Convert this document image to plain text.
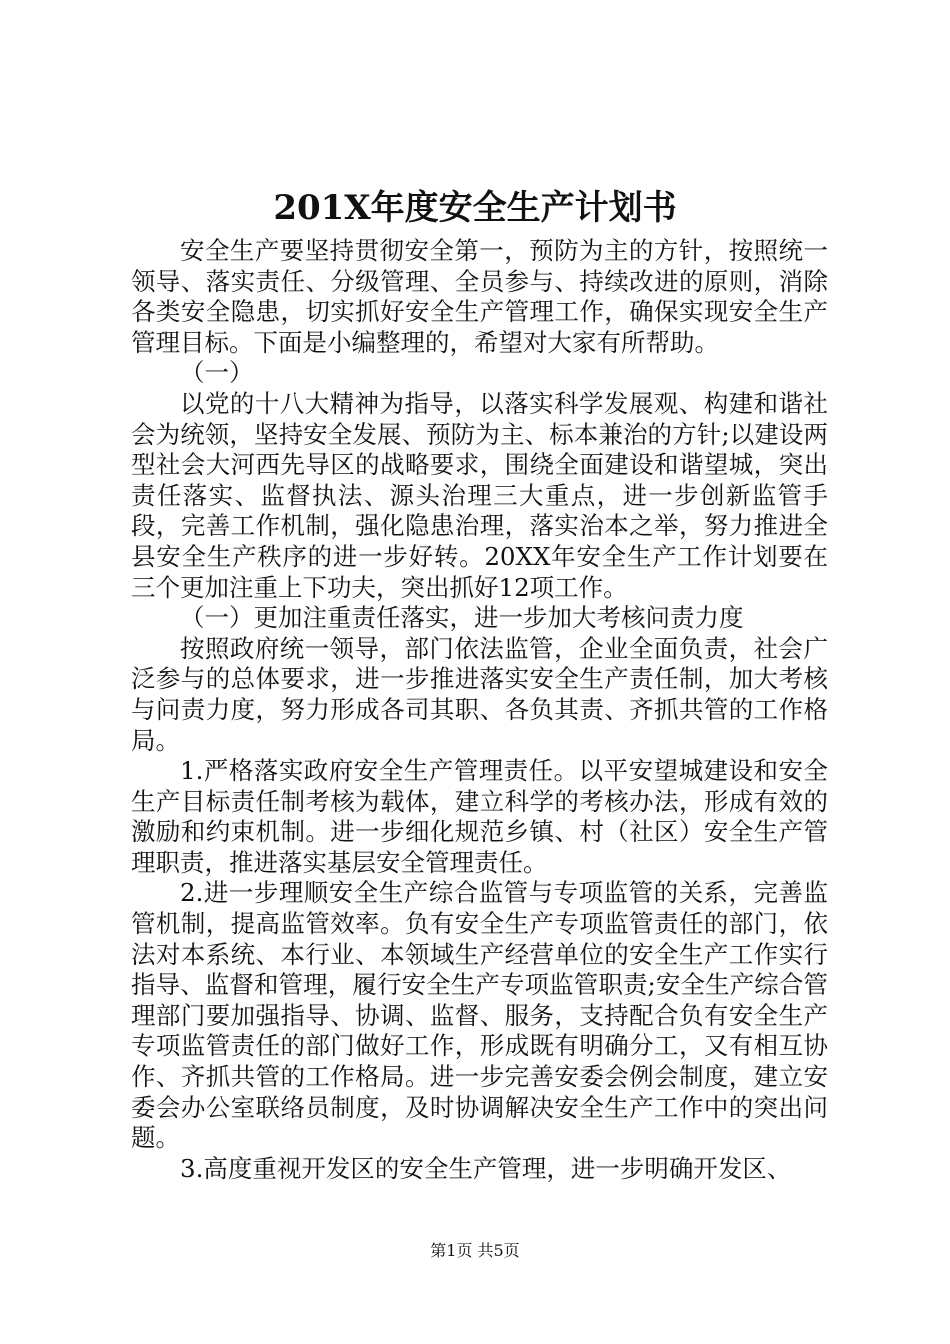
201X年度安全生产计划书

安全生产要坚持贯彻安全第一，预防为主的方针，按照统一领导、落实责任、分级管理、全员参与、持续改进的原则，消除各类安全隐患，切实抓好安全生产管理工作，确保实现安全生产管理目标。下面是小编整理的，希望对大家有所帮助。

（一）

以党的十八大精神为指导，以落实科学发展观、构建和谐社会为统领，坚持安全发展、预防为主、标本兼治的方针;以建设两型社会大河西先导区的战略要求，围绕全面建设和谐望城，突出责任落实、监督执法、源头治理三大重点，进一步创新监管手段，完善工作机制，强化隐患治理，落实治本之举，努力推进全县安全生产秩序的进一步好转。20XX年安全生产工作计划要在三个更加注重上下功夫，突出抓好12项工作。

（一）更加注重责任落实，进一步加大考核问责力度

按照政府统一领导，部门依法监管，企业全面负责，社会广泛参与的总体要求，进一步推进落实安全生产责任制，加大考核与问责力度，努力形成各司其职、各负其责、齐抓共管的工作格局。

1.严格落实政府安全生产管理责任。以平安望城建设和安全生产目标责任制考核为载体，建立科学的考核办法，形成有效的激励和约束机制。进一步细化规范乡镇、村（社区）安全生产管理职责，推进落实基层安全管理责任。

2.进一步理顺安全生产综合监管与专项监管的关系，完善监管机制，提高监管效率。负有安全生产专项监管责任的部门，依法对本系统、本行业、本领域生产经营单位的安全生产工作实行指导、监督和管理，履行安全生产专项监管职责;安全生产综合管理部门要加强指导、协调、监督、服务，支持配合负有安全生产专项监管责任的部门做好工作，形成既有明确分工，又有相互协作、齐抓共管的工作格局。进一步完善安委会例会制度，建立安委会办公室联络员制度，及时协调解决安全生产工作中的突出问题。

3.高度重视开发区的安全生产管理，进一步明确开发区、

第1页 共5页
